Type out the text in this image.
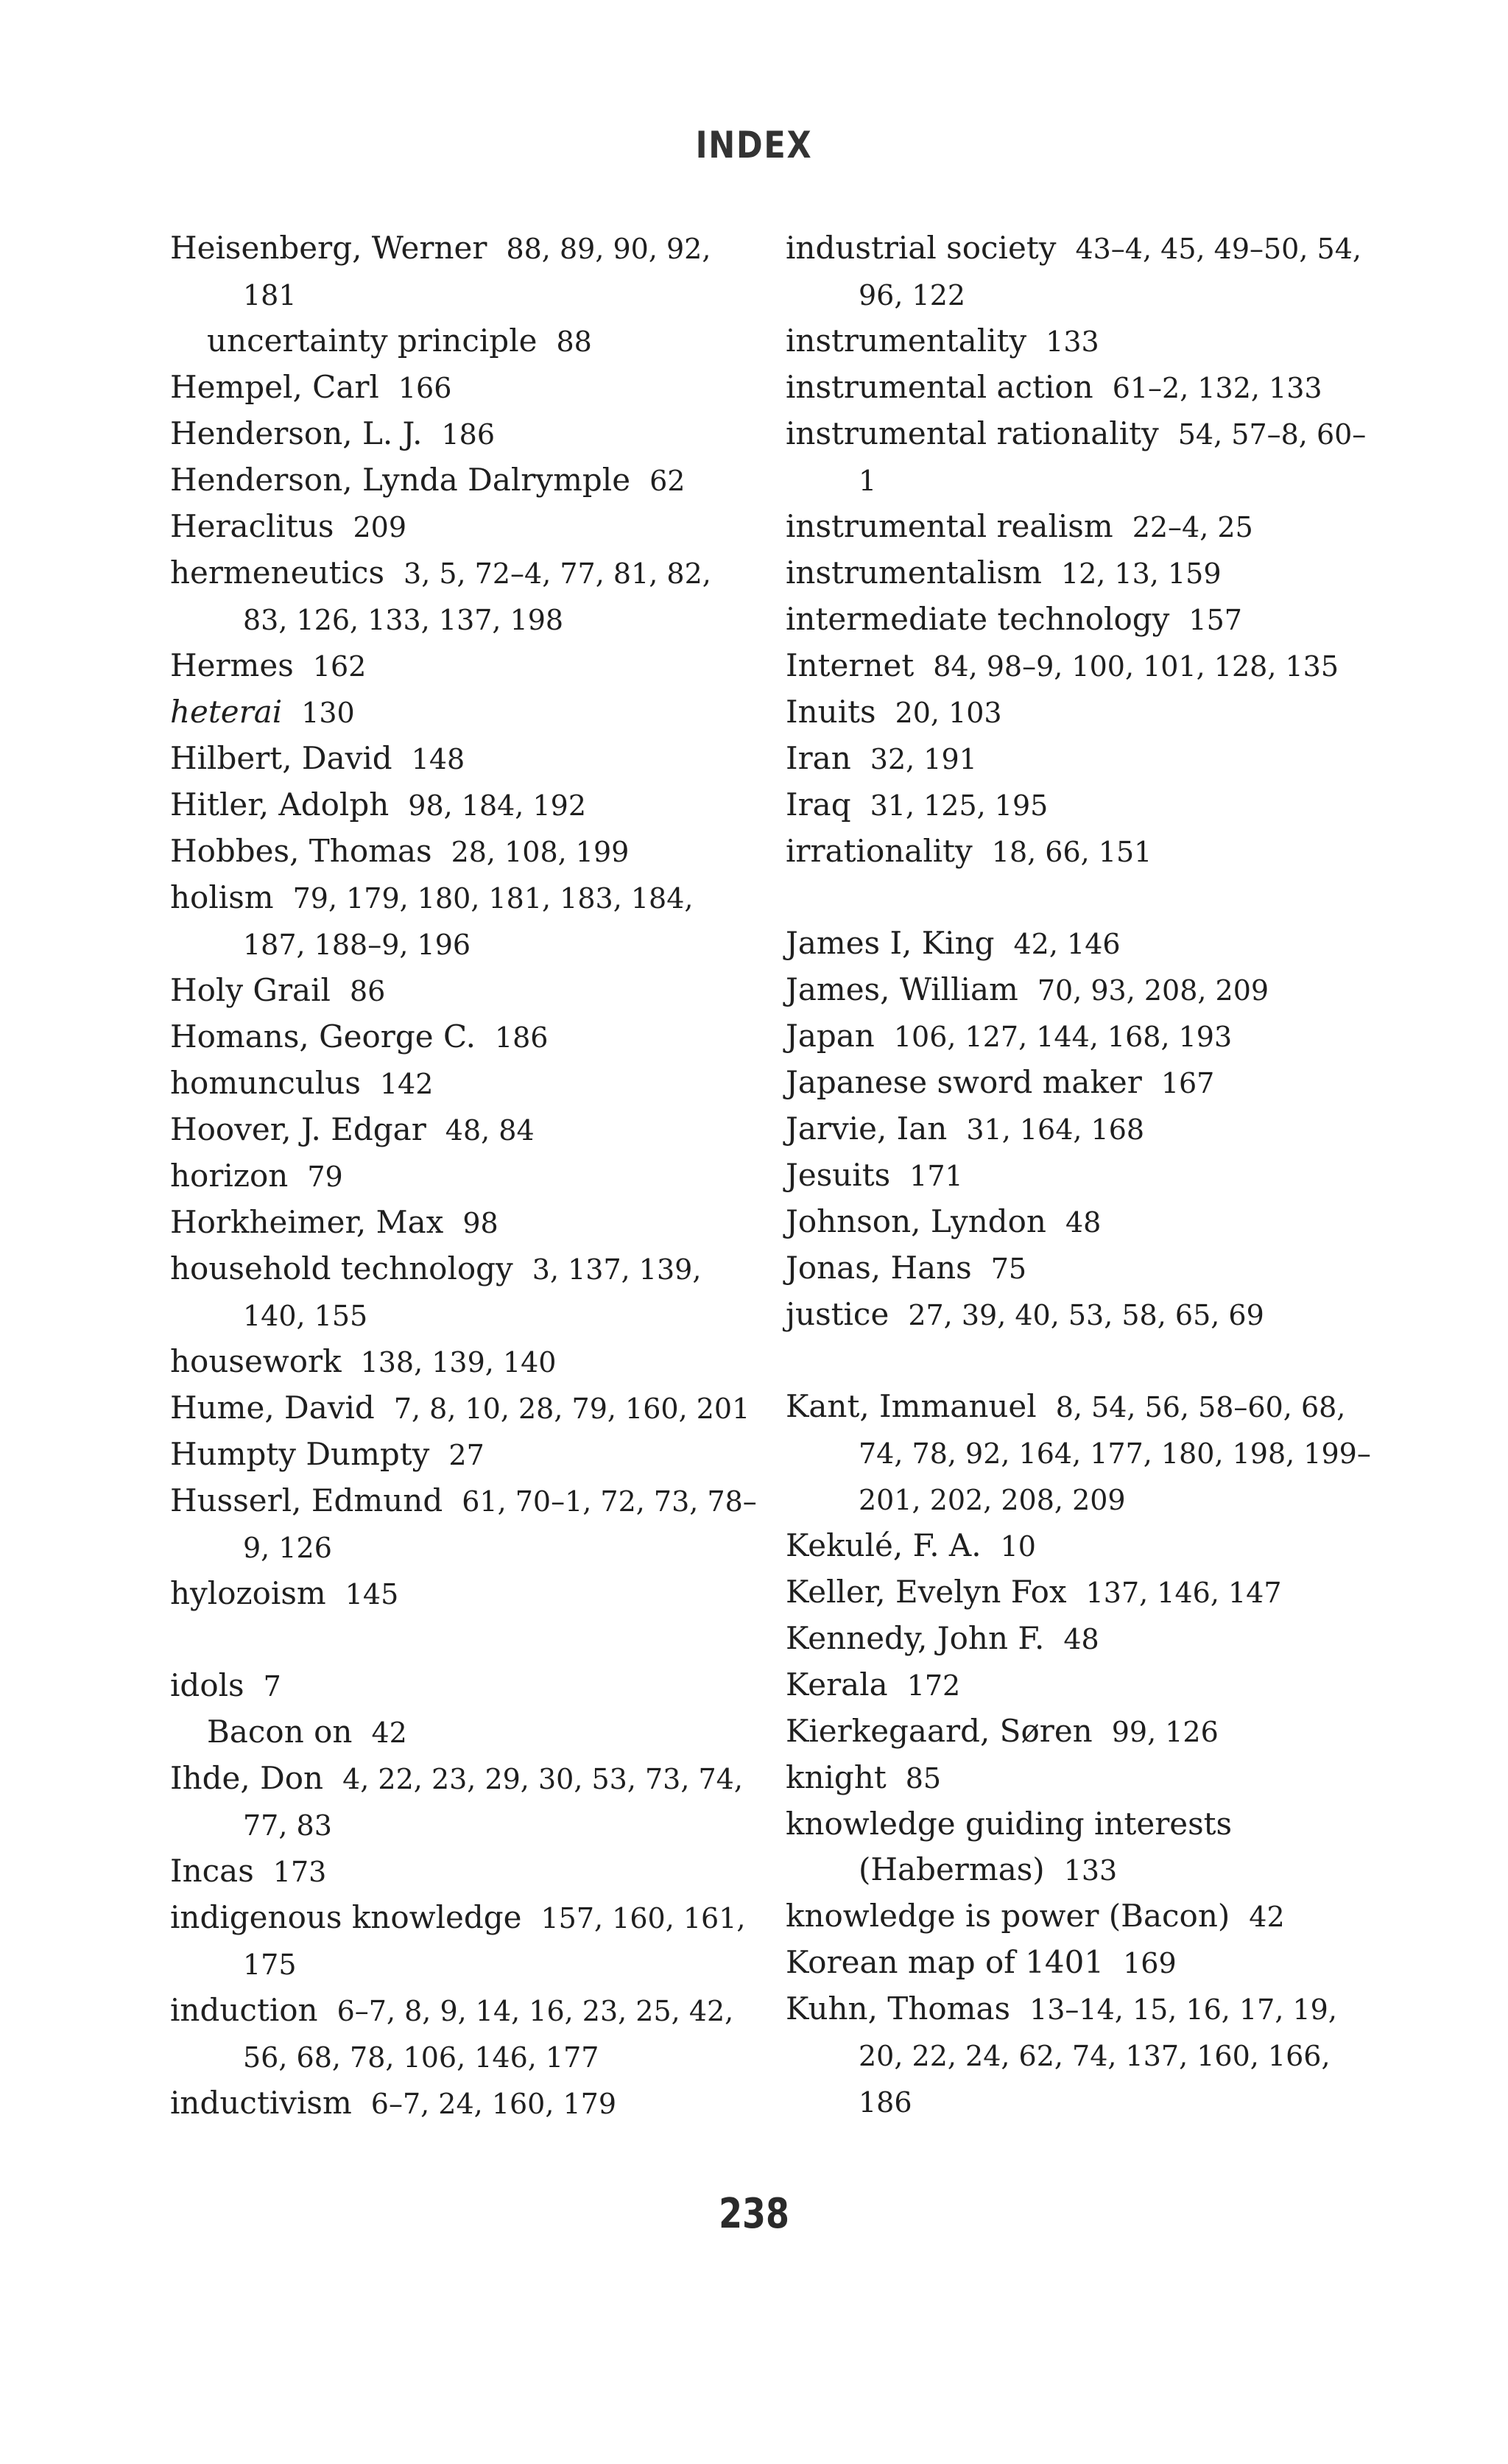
INDEX
Heisenberg, Werner 88, 89, 90, 92, 181
uncertainty principle 88
Hempel, Carl 166
Henderson, L. J. 186
Henderson, Lynda Dalrymple 62
Heraclitus 209
hermeneutics 3, 5, 72–4, 77, 81, 82, 83, 126, 133, 137, 198
Hermes 162
heterai 130
Hilbert, David 148
Hitler, Adolph 98, 184, 192
Hobbes, Thomas 28, 108, 199
holism 79, 179, 180, 181, 183, 184, 187, 188–9, 196
Holy Grail 86
Homans, George C. 186
homunculus 142
Hoover, J. Edgar 48, 84
horizon 79
Horkheimer, Max 98
household technology 3, 137, 139, 140, 155
housework 138, 139, 140
Hume, David 7, 8, 10, 28, 79, 160, 201
Humpty Dumpty 27
Husserl, Edmund 61, 70–1, 72, 73, 78–9, 126
hylozoism 145
idols 7
Bacon on 42
Ihde, Don 4, 22, 23, 29, 30, 53, 73, 74, 77, 83
Incas 173
indigenous knowledge 157, 160, 161, 175
induction 6–7, 8, 9, 14, 16, 23, 25, 42, 56, 68, 78, 106, 146, 177
inductivism 6–7, 24, 160, 179
industrial society 43–4, 45, 49–50, 54, 96, 122
instrumentality 133
instrumental action 61–2, 132, 133
instrumental rationality 54, 57–8, 60–1
instrumental realism 22–4, 25
instrumentalism 12, 13, 159
intermediate technology 157
Internet 84, 98–9, 100, 101, 128, 135
Inuits 20, 103
Iran 32, 191
Iraq 31, 125, 195
irrationality 18, 66, 151
James I, King 42, 146
James, William 70, 93, 208, 209
Japan 106, 127, 144, 168, 193
Japanese sword maker 167
Jarvie, Ian 31, 164, 168
Jesuits 171
Johnson, Lyndon 48
Jonas, Hans 75
justice 27, 39, 40, 53, 58, 65, 69
Kant, Immanuel 8, 54, 56, 58–60, 68, 74, 78, 92, 164, 177, 180, 198, 199–201, 202, 208, 209
Kekulé, F. A. 10
Keller, Evelyn Fox 137, 146, 147
Kennedy, John F. 48
Kerala 172
Kierkegaard, Søren 99, 126
knight 85
knowledge guiding interests (Habermas) 133
knowledge is power (Bacon) 42
Korean map of 1401 169
Kuhn, Thomas 13–14, 15, 16, 17, 19, 20, 22, 24, 62, 74, 137, 160, 166, 186
238
